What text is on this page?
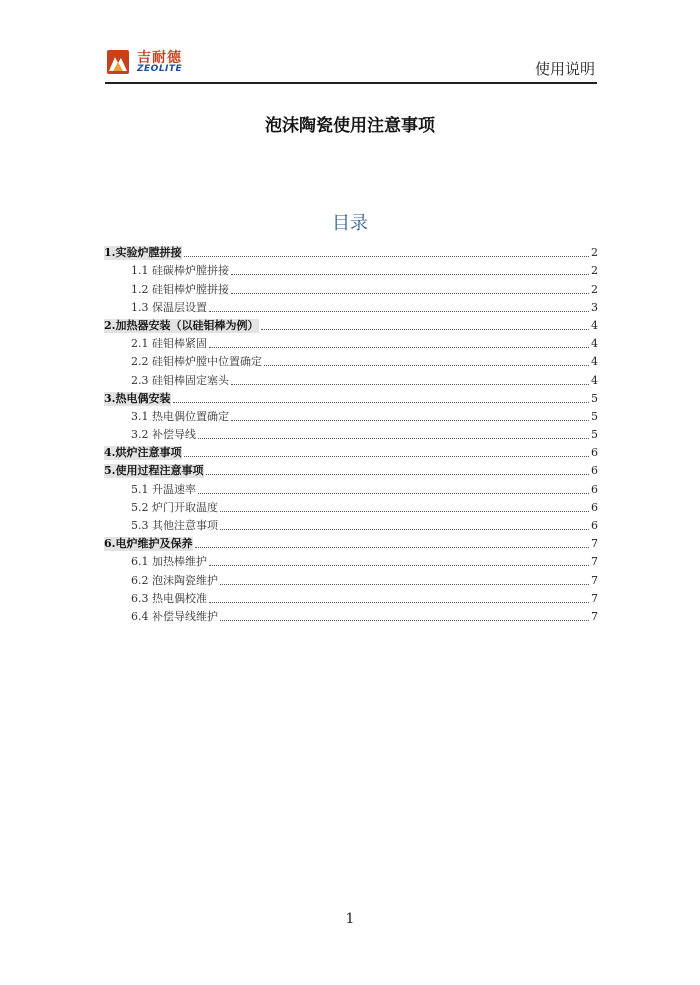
吉耐德
ZEOLITE	使用说明
泡沫陶瓷使用注意事项
目录
1.实验炉膛拼接	2
1.1 硅碳棒炉膛拼接	2
1.2 硅钼棒炉膛拼接	2
1.3 保温层设置	3
2.加热器安装（以硅钼棒为例）	4
2.1 硅钼棒紧固	4
2.2 硅钼棒炉膛中位置确定	4
2.3 硅钼棒固定塞头	4
3.热电偶安装	5
3.1 热电偶位置确定	5
3.2 补偿导线	5
4.烘炉注意事项	6
5.使用过程注意事项	6
5.1 升温速率	6
5.2 炉门开取温度	6
5.3 其他注意事项	6
6.电炉维护及保养	7
6.1 加热棒维护	7
6.2 泡沫陶瓷维护	7
6.3 热电偶校准	7
6.4 补偿导线维护	7
1
